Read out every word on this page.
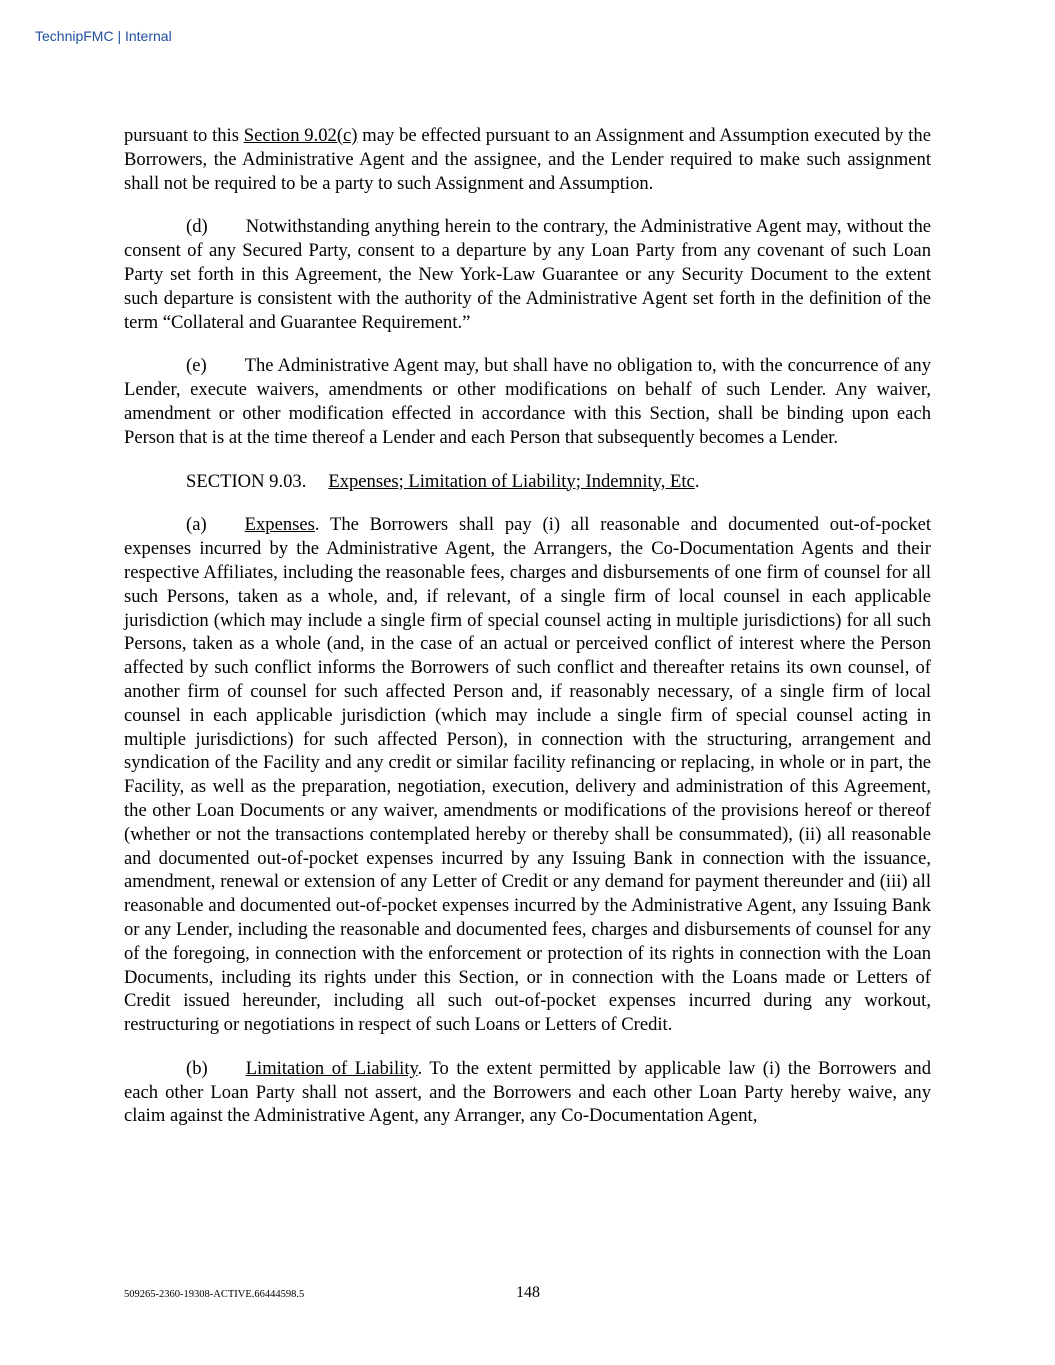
TechnipFMC | Internal

pursuant to this Section 9.02(c) may be effected pursuant to an Assignment and Assumption executed by the Borrowers, the Administrative Agent and the assignee, and the Lender required to make such assignment shall not be required to be a party to such Assignment and Assumption.

(d) Notwithstanding anything herein to the contrary, the Administrative Agent may, without the consent of any Secured Party, consent to a departure by any Loan Party from any covenant of such Loan Party set forth in this Agreement, the New York-Law Guarantee or any Security Document to the extent such departure is consistent with the authority of the Administrative Agent set forth in the definition of the term “Collateral and Guarantee Requirement.”

(e) The Administrative Agent may, but shall have no obligation to, with the concurrence of any Lender, execute waivers, amendments or other modifications on behalf of such Lender. Any waiver, amendment or other modification effected in accordance with this Section, shall be binding upon each Person that is at the time thereof a Lender and each Person that subsequently becomes a Lender.

SECTION 9.03. Expenses; Limitation of Liability; Indemnity, Etc.

(a) Expenses. The Borrowers shall pay (i) all reasonable and documented out-of-pocket expenses incurred by the Administrative Agent, the Arrangers, the Co-Documentation Agents and their respective Affiliates, including the reasonable fees, charges and disbursements of one firm of counsel for all such Persons, taken as a whole, and, if relevant, of a single firm of local counsel in each applicable jurisdiction (which may include a single firm of special counsel acting in multiple jurisdictions) for all such Persons, taken as a whole (and, in the case of an actual or perceived conflict of interest where the Person affected by such conflict informs the Borrowers of such conflict and thereafter retains its own counsel, of another firm of counsel for such affected Person and, if reasonably necessary, of a single firm of local counsel in each applicable jurisdiction (which may include a single firm of special counsel acting in multiple jurisdictions) for such affected Person), in connection with the structuring, arrangement and syndication of the Facility and any credit or similar facility refinancing or replacing, in whole or in part, the Facility, as well as the preparation, negotiation, execution, delivery and administration of this Agreement, the other Loan Documents or any waiver, amendments or modifications of the provisions hereof or thereof (whether or not the transactions contemplated hereby or thereby shall be consummated), (ii) all reasonable and documented out-of-pocket expenses incurred by any Issuing Bank in connection with the issuance, amendment, renewal or extension of any Letter of Credit or any demand for payment thereunder and (iii) all reasonable and documented out-of-pocket expenses incurred by the Administrative Agent, any Issuing Bank or any Lender, including the reasonable and documented fees, charges and disbursements of counsel for any of the foregoing, in connection with the enforcement or protection of its rights in connection with the Loan Documents, including its rights under this Section, or in connection with the Loans made or Letters of Credit issued hereunder, including all such out-of-pocket expenses incurred during any workout, restructuring or negotiations in respect of such Loans or Letters of Credit.

(b) Limitation of Liability. To the extent permitted by applicable law (i) the Borrowers and each other Loan Party shall not assert, and the Borrowers and each other Loan Party hereby waive, any claim against the Administrative Agent, any Arranger, any Co-Documentation Agent,

509265-2360-19308-ACTIVE.66444598.5	148
